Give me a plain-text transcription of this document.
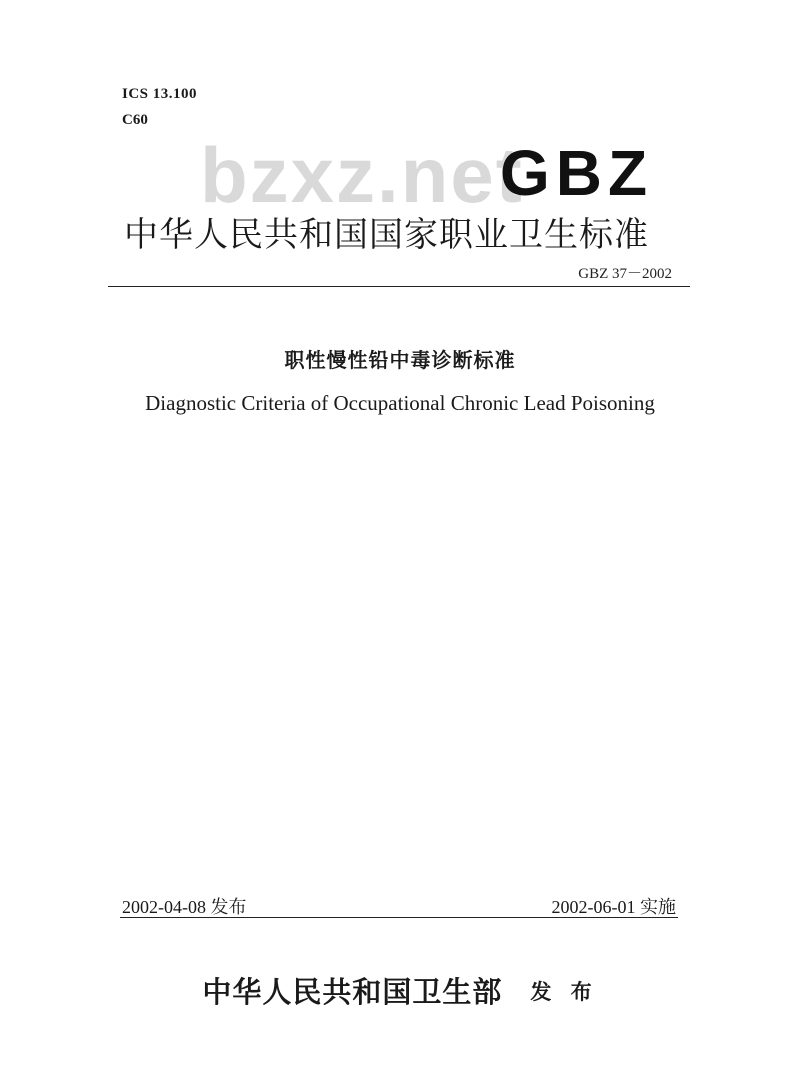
ICS 13.100
C60
bzxz.net
GBZ
中华人民共和国国家职业卫生标准
GBZ 37－2002
职性慢性铅中毒诊断标准
Diagnostic Criteria of Occupational Chronic Lead Poisoning
2002-04-08 发布	2002-06-01 实施
中华人民共和国卫生部 发 布
